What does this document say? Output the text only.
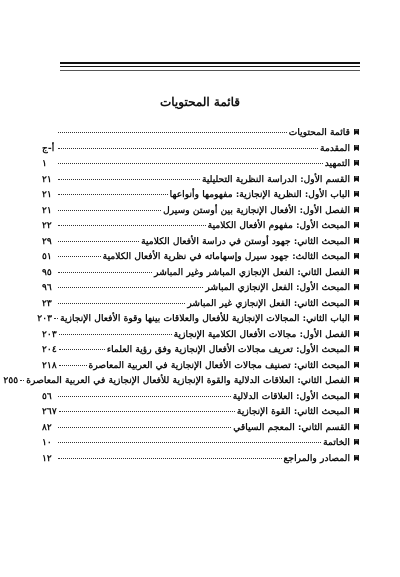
قائمة المحتويات
قائمة المحتويات
المقدمة
أ-ج
التمهيد
١
القسم الأول: الدراسة النظرية التحليلية
٢١
الباب الأول: النظرية الإنجازية: مفهومها وأنواعها
٢١
الفصل الأول: الأفعال الإنجازية بين أوستن وسيرل
٢١
المبحث الأول: مفهوم الأفعال الكلامية
٢٢
المبحث الثاني: جهود أوستن في دراسة الأفعال الكلامية
٢٩
المبحث الثالث: جهود سيرل وإسهاماته في نظرية الأفعال الكلامية
٥١
الفصل الثاني: الفعل الإنجازي المباشر وغير المباشر
٩٥
المبحث الأول: الفعل الإنجازي المباشر
٩٦
المبحث الثاني: الفعل الإنجازي غير المباشر
٢٣
الباب الثاني: المجالات الإنجازية للأفعال والعلاقات بينها وقوة الأفعال الإنجازية
٢٠٣
الفصل الأول: مجالات الأفعال الكلامية الإنجازية
٢٠٣
المبحث الأول: تعريف مجالات الأفعال الإنجازية وفق رؤية العلماء
٢٠٤
المبحث الثاني: تصنيف مجالات الأفعال الإنجازية في العربية المعاصرة
٢١٨
الفصل الثاني: العلاقات الدلالية والقوة الإنجازية للأفعال الإنجازية في العربية المعاصرة
٢٥٥
المبحث الأول: العلاقات الدلالية
٥٦
المبحث الثاني: القوة الإنجازية
٢٦٧
القسم الثاني: المعجم السياقي
٨٢
الخاتمة
١٠
المصادر والمراجع
١٢
